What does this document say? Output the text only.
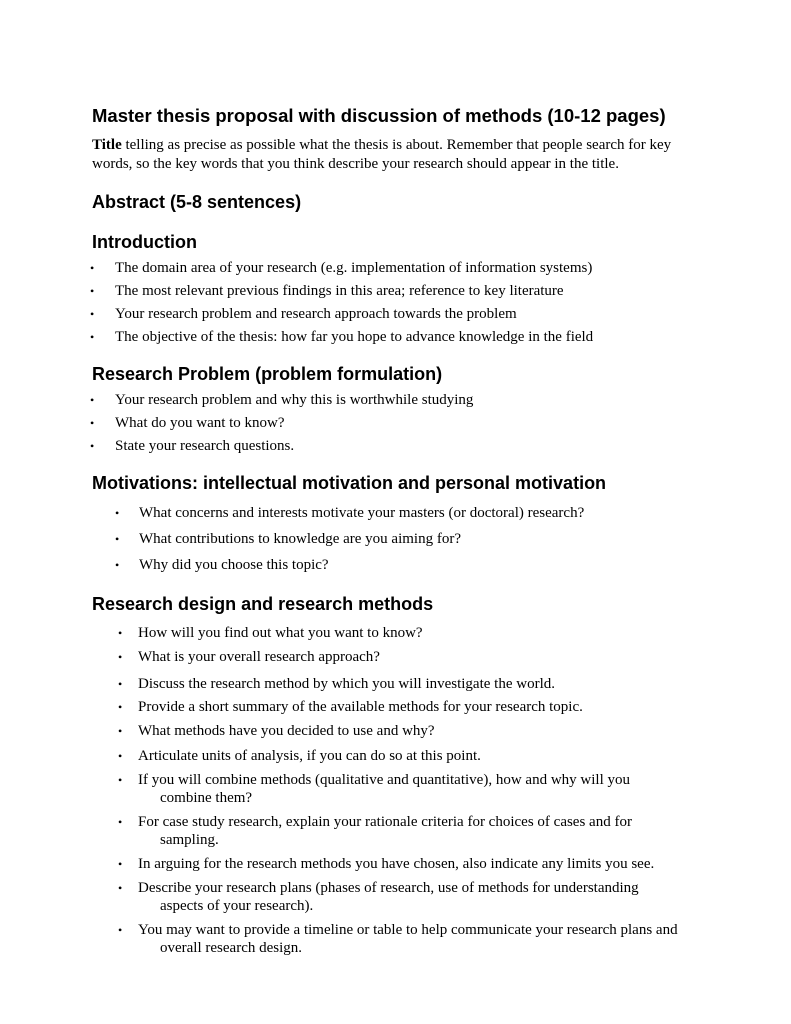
Master thesis proposal with discussion of methods (10-12 pages)
Title telling as precise as possible what the thesis is about. Remember that people search for key words, so the key words that you think describe your research should appear in the title.
Abstract (5-8 sentences)
Introduction
• The domain area of your research (e.g. implementation of information systems)
• The most relevant previous findings in this area; reference to key literature
• Your research problem and research approach towards the problem
• The objective of the thesis: how far you hope to advance knowledge in the field
Research Problem (problem formulation)
• Your research problem and why this is worthwhile studying
• What do you want to know?
• State your research questions.
Motivations: intellectual motivation and personal motivation
• What concerns and interests motivate your masters (or doctoral) research?
• What contributions to knowledge are you aiming for?
• Why did you choose this topic?
Research design and research methods
• How will you find out what you want to know?
• What is your overall research approach?
• Discuss the research method by which you will investigate the world.
• Provide a short summary of the available methods for your research topic.
• What methods have you decided to use and why?
• Articulate units of analysis, if you can do so at this point.
• If you will combine methods (qualitative and quantitative), how and why will you
combine them?
• For case study research, explain your rationale criteria for choices of cases and for
sampling.
• In arguing for the research methods you have chosen, also indicate any limits you see.
• Describe your research plans (phases of research, use of methods for understanding
aspects of your research).
• You may want to provide a timeline or table to help communicate your research plans and
overall research design.
